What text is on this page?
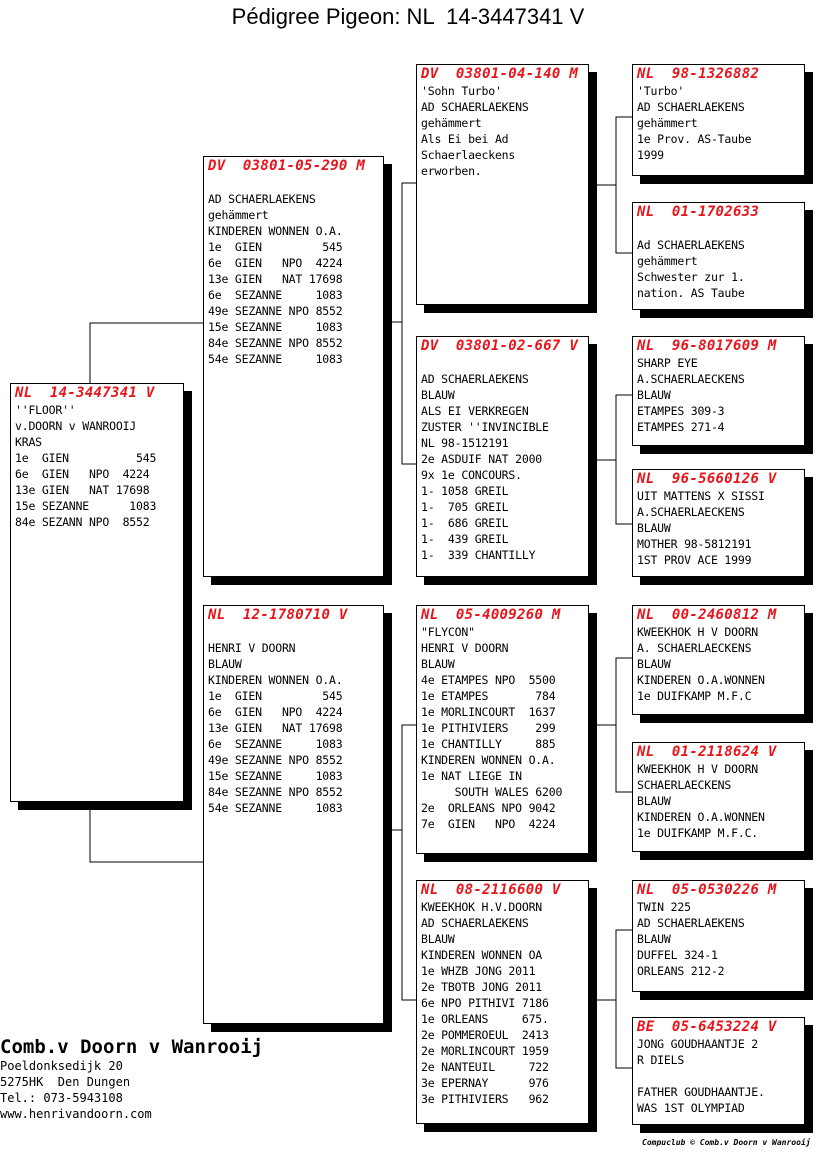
Pédigree Pigeon: NL  14-3447341 V
NL  14-3447341 V
''FLOOR''
v.DOORN v WANROOIJ
KRAS
1e  GIEN          545
6e  GIEN   NPO  4224
13e GIEN   NAT 17698
15e SEZANNE      1083
84e SEZANN NPO  8552
DV  03801-05-290 M
AD SCHAERLAEKENS
gehämmert
KINDEREN WONNEN O.A.
1e  GIEN         545
6e  GIEN   NPO  4224
13e GIEN   NAT 17698
6e  SEZANNE     1083
49e SEZANNE NPO 8552
15e SEZANNE     1083
84e SEZANNE NPO 8552
54e SEZANNE     1083
NL  12-1780710 V
HENRI V DOORN
BLAUW
KINDEREN WONNEN O.A.
1e  GIEN         545
6e  GIEN   NPO  4224
13e GIEN   NAT 17698
6e  SEZANNE     1083
49e SEZANNE NPO 8552
15e SEZANNE     1083
84e SEZANNE NPO 8552
54e SEZANNE     1083
DV  03801-04-140 M
'Sohn Turbo'
AD SCHAERLAEKENS
gehämmert
Als Ei bei Ad
Schaerlaeckens
erworben.
DV  03801-02-667 V
AD SCHAERLAEKENS
BLAUW
ALS EI VERKREGEN
ZUSTER ''INVINCIBLE
NL 98-1512191
2e ASDUIF NAT 2000
9x 1e CONCOURS.
1- 1058 GREIL
1-  705 GREIL
1-  686 GREIL
1-  439 GREIL
1-  339 CHANTILLY
NL  05-4009260 M
"FLYCON"
HENRI V DOORN
BLAUW
4e ETAMPES NPO  5500
1e ETAMPES       784
1e MORLINCOURT  1637
1e PITHIVIERS    299
1e CHANTILLY     885
KINDEREN WONNEN O.A.
1e NAT LIEGE IN
SOUTH WALES 6200
2e  ORLEANS NPO 9042
7e  GIEN   NPO  4224
NL  08-2116600 V
KWEEKHOK H.V.DOORN
AD SCHAERLAEKENS
BLAUW
KINDEREN WONNEN OA
1e WHZB JONG 2011
2e TBOTB JONG 2011
6e NPO PITHIVI 7186
1e ORLEANS     675.
2e POMMEROEUL  2413
2e MORLINCOURT 1959
2e NANTEUIL     722
3e EPERNAY      976
3e PITHIVIERS   962
NL  98-1326882
'Turbo'
AD SCHAERLAEKENS
gehämmert
1e Prov. AS-Taube
1999
NL  01-1702633
Ad SCHAERLAEKENS
gehämmert
Schwester zur 1.
nation. AS Taube
NL  96-8017609 M
SHARP EYE
A.SCHAERLAECKENS
BLAUW
ETAMPES 309-3
ETAMPES 271-4
NL  96-5660126 V
UIT MATTENS X SISSI
A.SCHAERLAECKENS
BLAUW
MOTHER 98-5812191
1ST PROV ACE 1999
NL  00-2460812 M
KWEEKHOK H V DOORN
A. SCHAERLAECKENS
BLAUW
KINDEREN O.A.WONNEN
1e DUIFKAMP M.F.C
NL  01-2118624 V
KWEEKHOK H V DOORN
SCHAERLAECKENS
BLAUW
KINDEREN O.A.WONNEN
1e DUIFKAMP M.F.C.
NL  05-0530226 M
TWIN 225
AD SCHAERLAEKENS
BLAUW
DUFFEL 324-1
ORLEANS 212-2
BE  05-6453224 V
JONG GOUDHAANTJE 2
R DIELS
FATHER GOUDHAANTJE.
WAS 1ST OLYMPIAD
Comb.v Doorn v Wanrooij
Poeldonksedijk 20
5275HK  Den Dungen
Tel.: 073-5943108
www.henrivandoorn.com
Compuclub © Comb.v Doorn v Wanrooij
